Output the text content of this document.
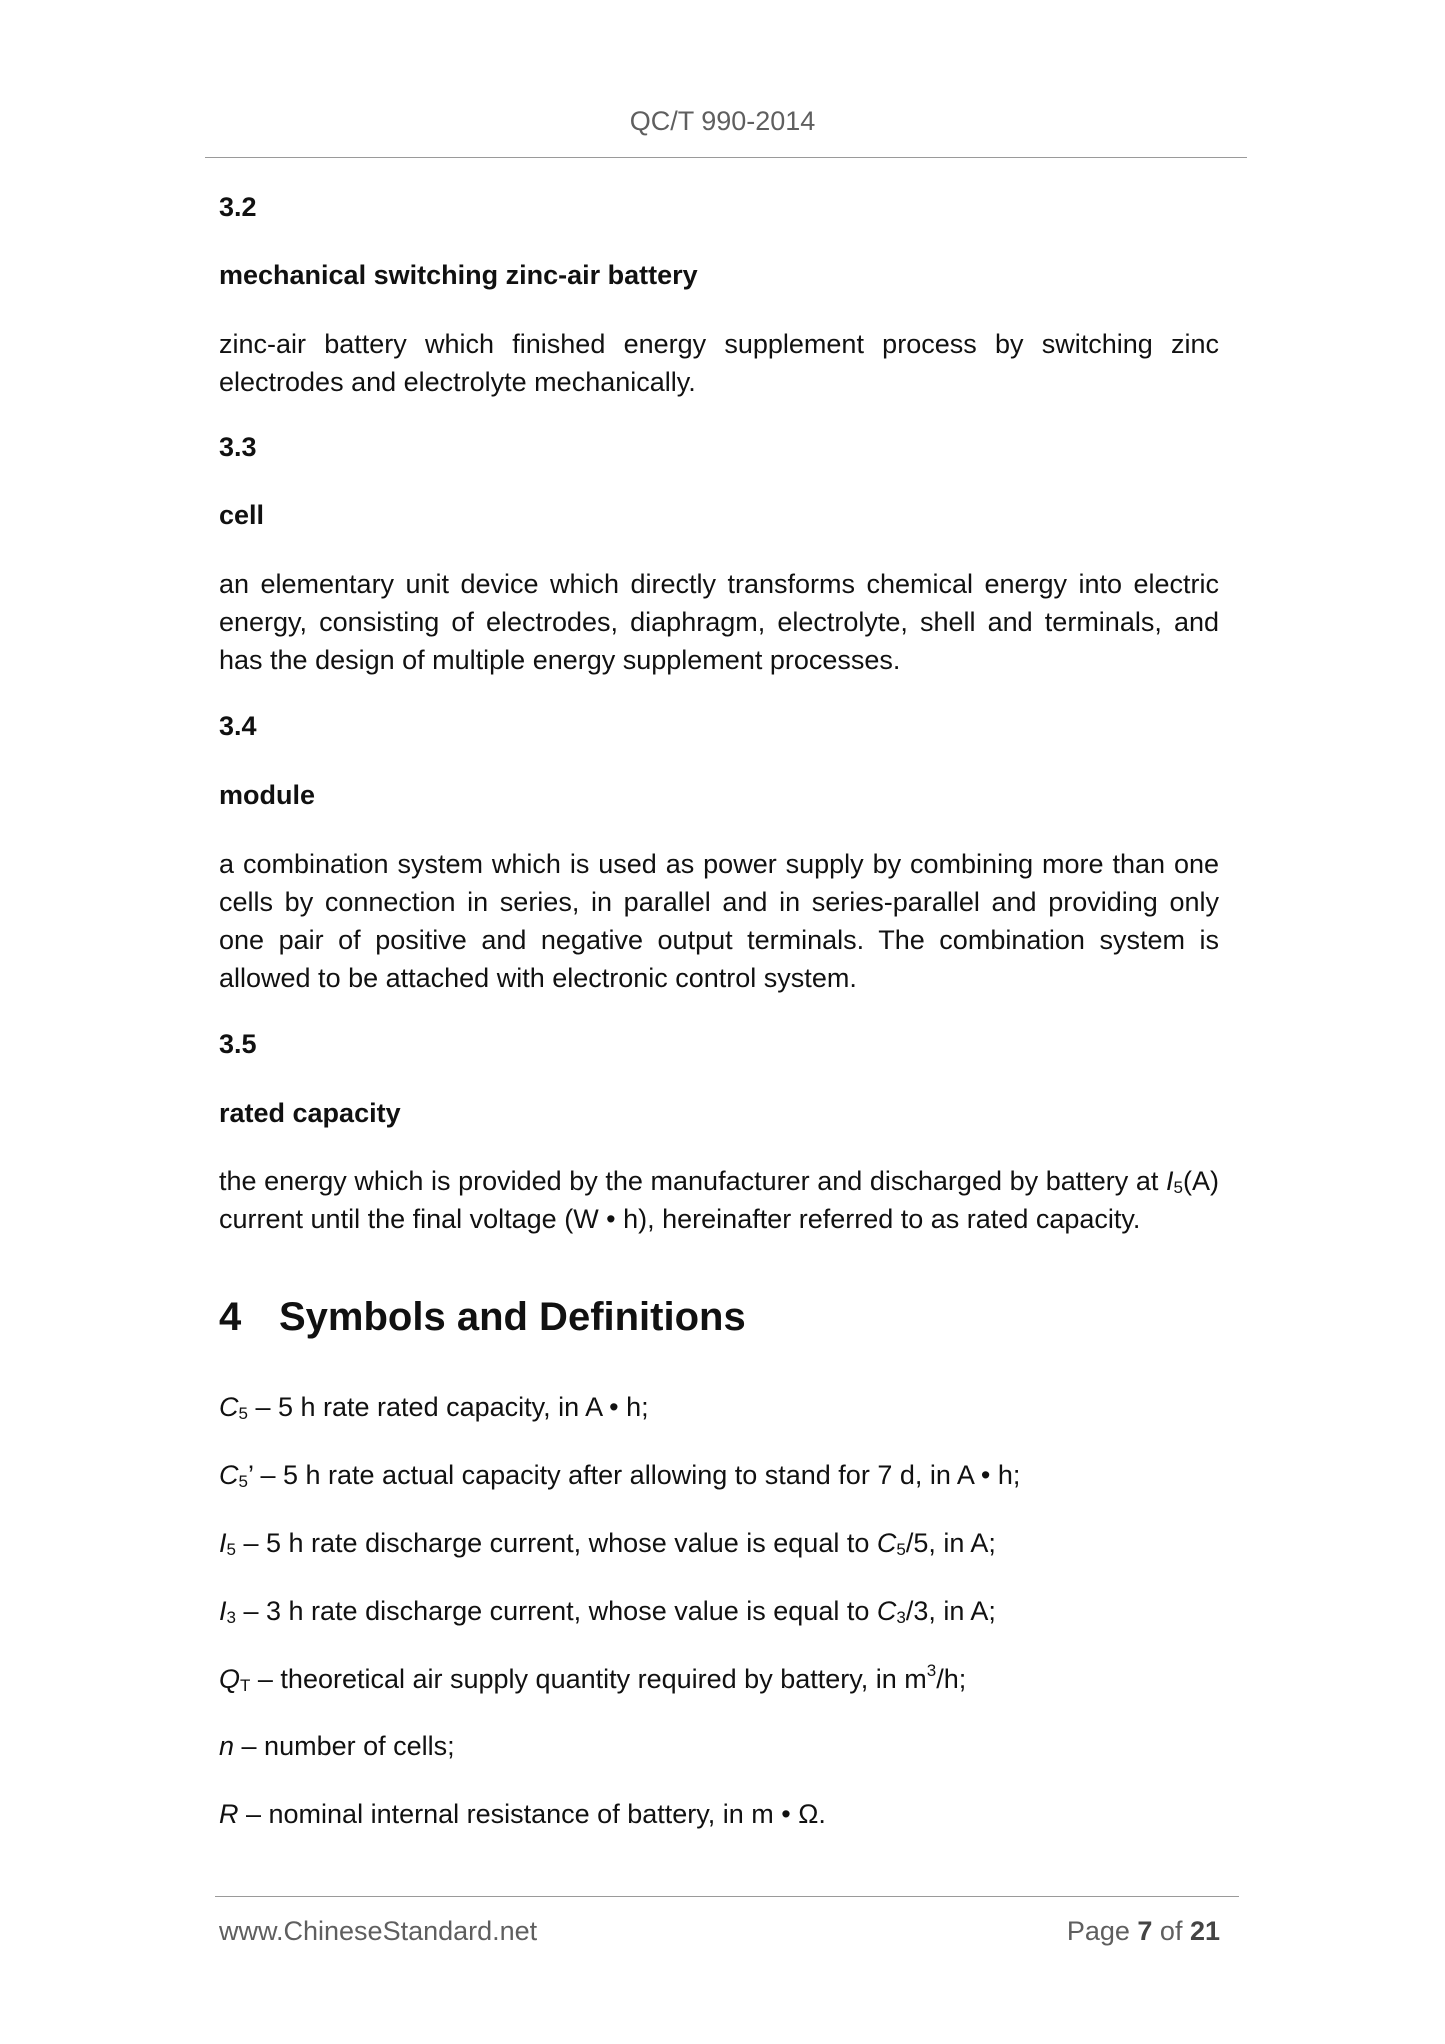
QC/T 990-2014
3.2
mechanical switching zinc-air battery
zinc-air battery which finished energy supplement process by switching zinc electrodes and electrolyte mechanically.
3.3
cell
an elementary unit device which directly transforms chemical energy into electric energy, consisting of electrodes, diaphragm, electrolyte, shell and terminals, and has the design of multiple energy supplement processes.
3.4
module
a combination system which is used as power supply by combining more than one cells by connection in series, in parallel and in series-parallel and providing only one pair of positive and negative output terminals. The combination system is allowed to be attached with electronic control system.
3.5
rated capacity
the energy which is provided by the manufacturer and discharged by battery at $I_5(A)$ current until the final voltage (W • h), hereinafter referred to as rated capacity.
4 Symbols and Definitions
$C_5 - 5$ h rate rated capacity, in A • h;
$C_5$’ – 5 h rate actual capacity after allowing to stand for 7 d, in A • h;
$I_5 - 5$ h rate discharge current, whose value is equal to $C_5/5$, in A;
$I_3 - 3$ h rate discharge current, whose value is equal to $C_3/3$, in A;
$Q_T$ – theoretical air supply quantity required by battery, in $m^3/h$;
n – number of cells;
R – nominal internal resistance of battery, in m • Ω.
www.ChineseStandard.net	Page 7 of 21
